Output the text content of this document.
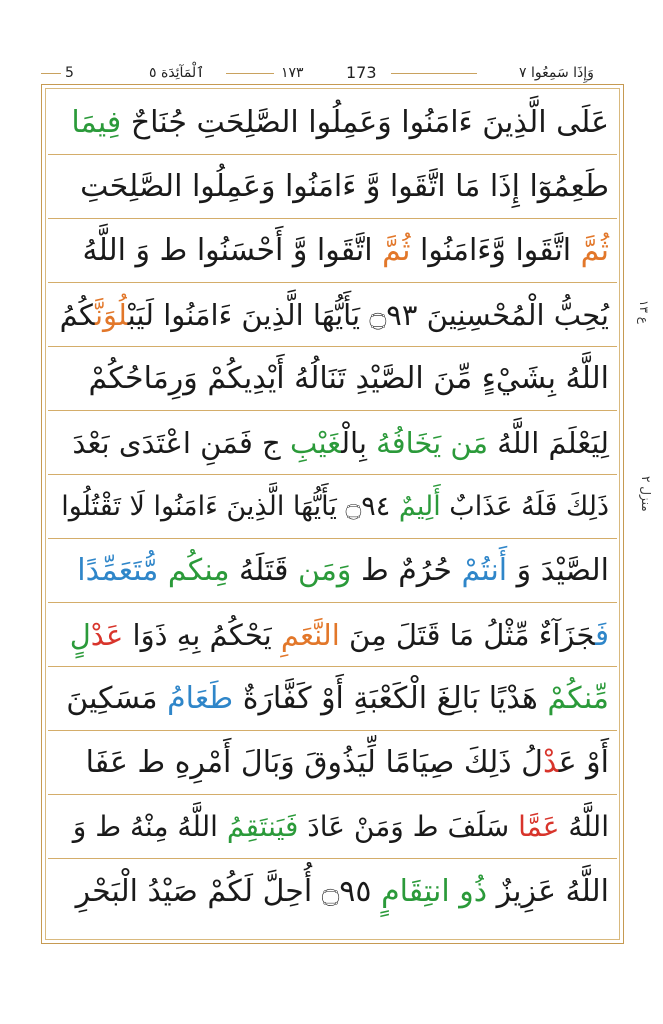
5	ٱلْمَآئِدَة ٥	۱۷۳	173	وَإِذَا سَمِعُوا ٧
ع ١٣
منزل ٢
عَلَى الَّذِينَ ءَامَنُوا وَعَمِلُوا الصَّلِحَتِ جُنَاحٌ فِيمَا
طَعِمُوٓا إِذَا مَا اتَّقَوا وَّ ءَامَنُوا وَعَمِلُوا الصَّلِحَتِ
ثُمَّ اتَّقَوا وَّءَامَنُوا ثُمَّ اتَّقَوا وَّ أَحْسَنُوا ط وَ اللَّهُ
يُحِبُّ الْمُحْسِنِينَ ۝٩٣ يَأَيُّهَا الَّذِينَ ءَامَنُوا لَيَبْلُوَنَّكُمُ
اللَّهُ بِشَيْءٍ مِّنَ الصَّيْدِ تَنَالُهُ أَيْدِيكُمْ وَرِمَاحُكُمْ
لِيَعْلَمَ اللَّهُ مَن يَخَافُهُ بِالْغَيْبِ ج فَمَنِ اعْتَدَى بَعْدَ
ذَلِكَ فَلَهُ عَذَابٌ أَلِيمٌ ۝٩٤ يَأَيُّهَا الَّذِينَ ءَامَنُوا لَا تَقْتُلُوا
الصَّيْدَ وَ أَنتُمْ حُرُمٌ ط وَمَن قَتَلَهُ مِنكُم مُّتَعَمِّدًا
فَجَزَآءٌ مِّثْلُ مَا قَتَلَ مِنَ النَّعَمِ يَحْكُمُ بِهِ ذَوَا عَدْلٍ
مِّنكُمْ هَدْيًا بَالِغَ الْكَعْبَةِ أَوْ كَفَّارَةٌ طَعَامُ مَسَكِينَ
أَوْ عَدْلُ ذَلِكَ صِيَامًا لِّيَذُوقَ وَبَالَ أَمْرِهِ ط عَفَا
اللَّهُ عَمَّا سَلَفَ ط وَمَنْ عَادَ فَيَنتَقِمُ اللَّهُ مِنْهُ ط وَ
اللَّهُ عَزِيزٌ ذُو انتِقَامٍ ۝٩٥ أُحِلَّ لَكُمْ صَيْدُ الْبَحْرِ
